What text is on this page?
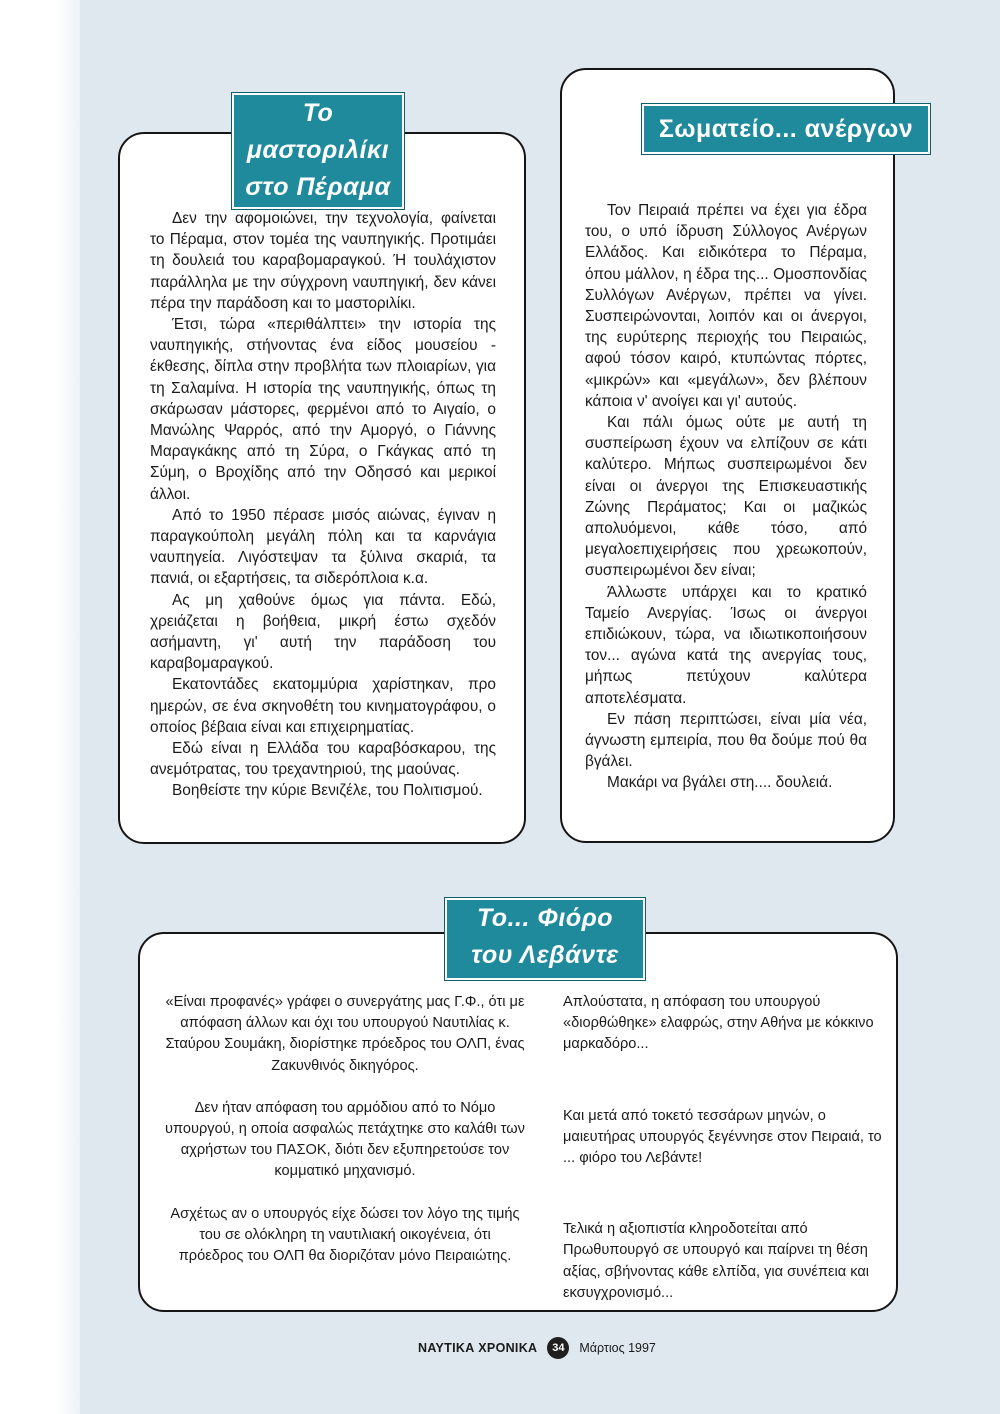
Το
μαστοριλίκι
στο Πέραμα

Δεν την αφομοιώνει, την τεχνολογία, φαίνεται το Πέραμα, στον τομέα της ναυπηγικής. Προτιμάει τη δουλειά του καραβομαραγκού. Ή τουλάχιστον παράλληλα με την σύγχρονη ναυπηγική, δεν κάνει πέρα την παράδοση και το μαστοριλίκι.

Έτσι, τώρα «περιθάλπτει» την ιστορία της ναυπηγικής, στήνοντας ένα είδος μουσείου - έκθεσης, δίπλα στην προβλήτα των πλοιαρίων, για τη Σαλαμίνα. Η ιστορία της ναυπηγικής, όπως τη σκάρωσαν μάστορες, φερμένοι από το Αιγαίο, ο Μανώλης Ψαρρός, από την Αμοργό, ο Γιάννης Μαραγκάκης από τη Σύρα, ο Γκάγκας από τη Σύμη, ο Βροχίδης από την Οδησσό και μερικοί άλλοι.

Από το 1950 πέρασε μισός αιώνας, έγιναν η παραγκούπολη μεγάλη πόλη και τα καρνάγια ναυπηγεία. Λιγόστεψαν τα ξύλινα σκαριά, τα πανιά, οι εξαρτήσεις, τα σιδερόπλοια κ.α.

Ας μη χαθούνε όμως για πάντα. Εδώ, χρειάζεται η βοήθεια, μικρή έστω σχεδόν ασήμαντη, γι' αυτή την παράδοση του καραβομαραγκού.

Εκατοντάδες εκατομμύρια χαρίστηκαν, προ ημερών, σε ένα σκηνοθέτη του κινηματογράφου, ο οποίος βέβαια είναι και επιχειρηματίας.

Εδώ είναι η Ελλάδα του καραβόσκαρου, της ανεμότρατας, του τρεχαντηριού, της μαούνας.

Βοηθείστε την κύριε Βενιζέλε, του Πολιτισμού.

Σωματείο... ανέργων

Τον Πειραιά πρέπει να έχει για έδρα του, ο υπό ίδρυση Σύλλογος Ανέργων Ελλάδος. Και ειδικότερα το Πέραμα, όπου μάλλον, η έδρα της... Ομοσπονδίας Συλλόγων Ανέργων, πρέπει να γίνει. Συσπειρώνονται, λοιπόν και οι άνεργοι, της ευρύτερης περιοχής του Πειραιώς, αφού τόσον καιρό, κτυπώντας πόρτες, «μικρών» και «μεγάλων», δεν βλέπουν κάποια ν' ανοίγει και γι' αυτούς.

Και πάλι όμως ούτε με αυτή τη συσπείρωση έχουν να ελπίζουν σε κάτι καλύτερο. Μήπως συσπειρωμένοι δεν είναι οι άνεργοι της Επισκευαστικής Ζώνης Περάματος; Και οι μαζικώς απολυόμενοι, κάθε τόσο, από μεγαλοεπιχειρήσεις που χρεωκοπούν, συσπειρωμένοι δεν είναι;

Άλλωστε υπάρχει και το κρατικό Ταμείο Ανεργίας. Ίσως οι άνεργοι επιδιώκουν, τώρα, να ιδιωτικοποιήσουν τον... αγώνα κατά της ανεργίας τους, μήπως πετύχουν καλύτερα αποτελέσματα.

Εν πάση περιπτώσει, είναι μία νέα, άγνωστη εμπειρία, που θα δούμε πού θα βγάλει.

Μακάρι να βγάλει στη.... δουλειά.

Το... Φιόρο
του Λεβάντε

«Είναι προφανές» γράφει ο συνεργάτης μας Γ.Φ., ότι με απόφαση άλλων και όχι του υπουργού Ναυτιλίας κ. Σταύρου Σουμάκη, διορίστηκε πρόεδρος του ΟΛΠ, ένας Ζακυνθινός δικηγόρος.

Δεν ήταν απόφαση του αρμόδιου από το Νόμο υπουργού, η οποία ασφαλώς πετάχτηκε στο καλάθι των αχρήστων του ΠΑΣΟΚ, διότι δεν εξυπηρετούσε τον κομματικό μηχανισμό.

Ασχέτως αν ο υπουργός είχε δώσει τον λόγο της τιμής του σε ολόκληρη τη ναυτιλιακή οικογένεια, ότι πρόεδρος του ΟΛΠ θα διοριζόταν μόνο Πειραιώτης.

Απλούστατα, η απόφαση του υπουργού «διορθώθηκε» ελαφρώς, στην Αθήνα με κόκκινο μαρκαδόρο...

Και μετά από τοκετό τεσσάρων μηνών, ο μαιευτήρας υπουργός ξεγέννησε στον Πειραιά, το ... φιόρο του Λεβάντε!

Τελικά η αξιοπιστία κληροδοτείται από Πρωθυπουργό σε υπουργό και παίρνει τη θέση αξίας, σβήνοντας κάθε ελπίδα, για συνέπεια και εκσυγχρονισμό...

ΝΑΥΤΙΚΑ ΧΡΟΝΙΚΑ	34	Μάρτιος 1997
